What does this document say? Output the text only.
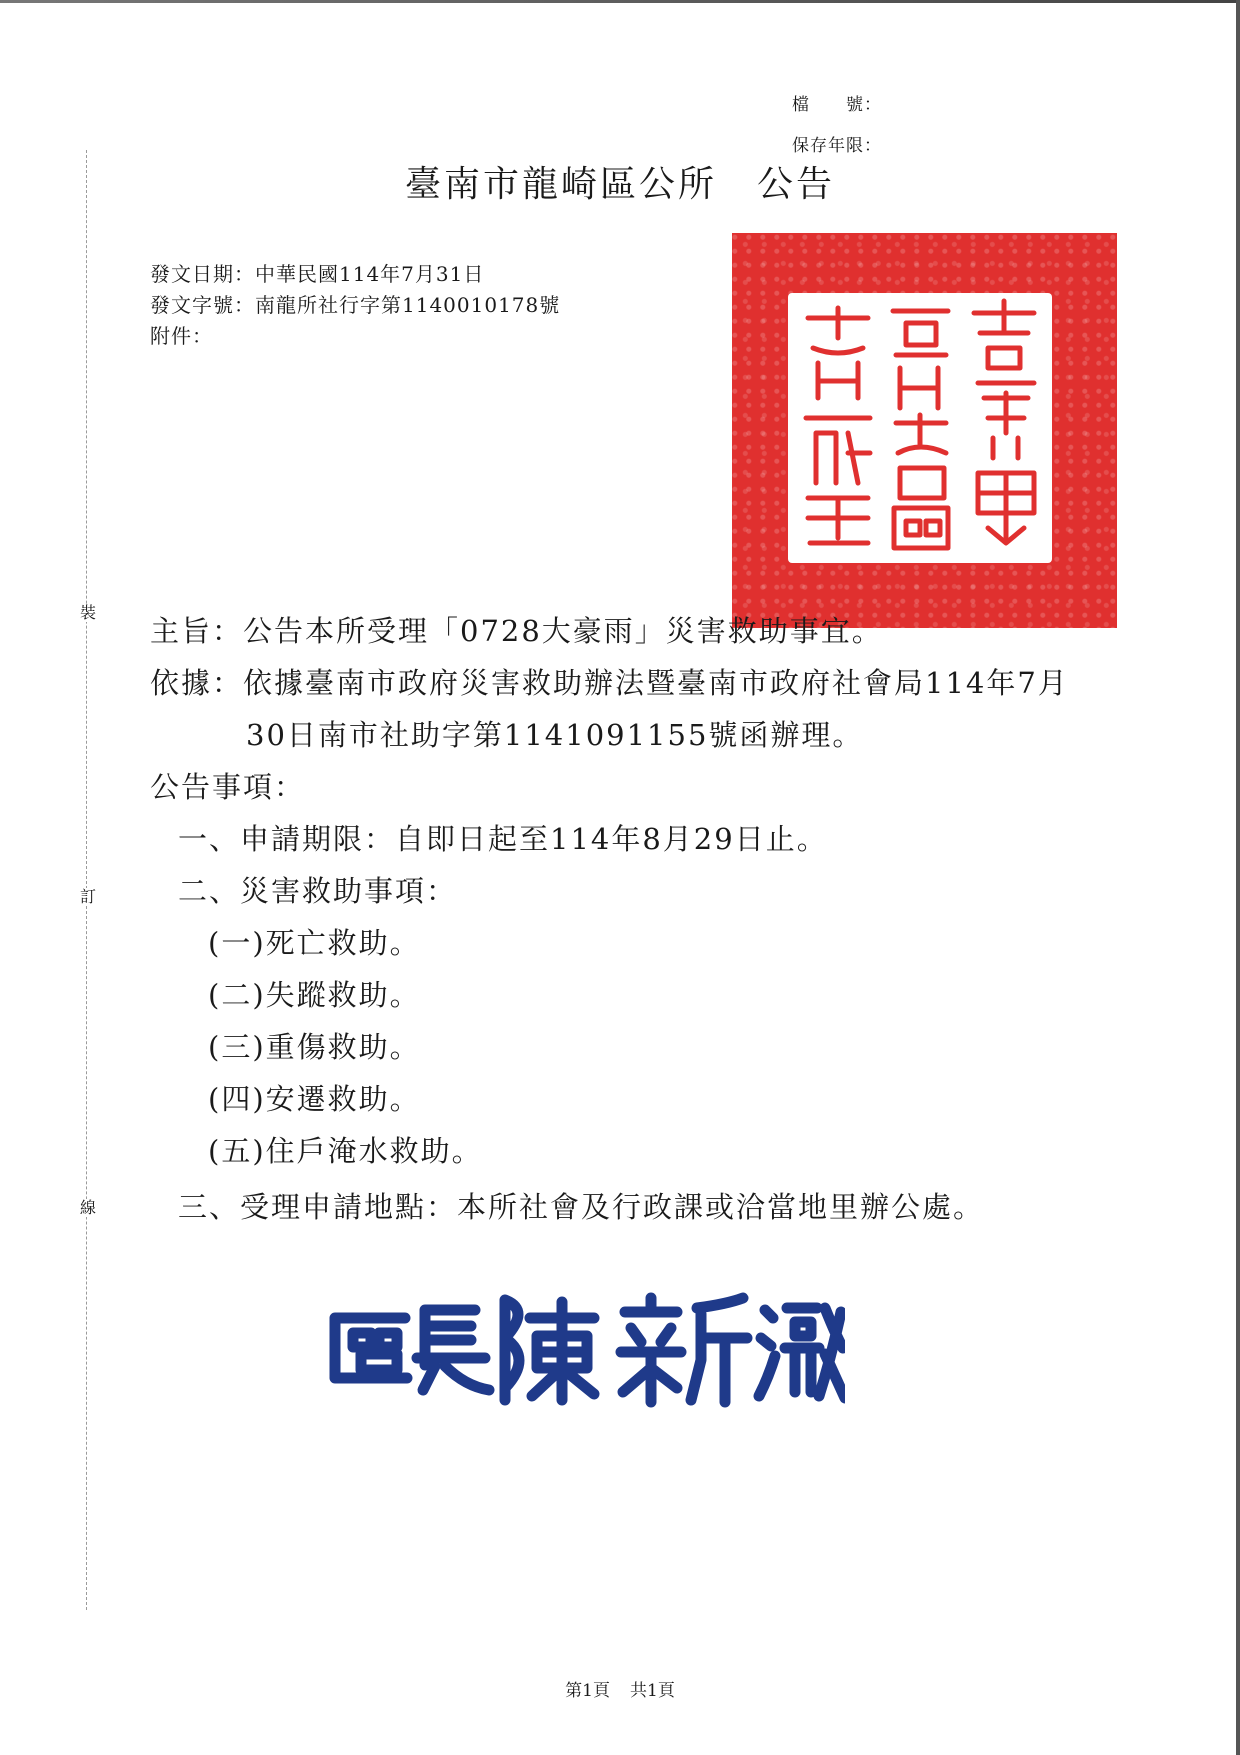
裝
訂
線
檔　　號：
保存年限：
臺南市龍崎區公所 公告
發文日期：中華民國114年7月31日
發文字號：南龍所社行字第1140010178號
附件：
主旨：公告本所受理「0728大豪雨」災害救助事宜。
依據：依據臺南市政府災害救助辦法暨臺南市政府社會局114年7月
30日南市社助字第1141091155號函辦理。
公告事項：
一、申請期限：自即日起至114年8月29日止。
二、災害救助事項：
(一)死亡救助。
(二)失蹤救助。
(三)重傷救助。
(四)安遷救助。
(五)住戶淹水救助。
三、受理申請地點：本所社會及行政課或洽當地里辦公處。
第1頁 共1頁
